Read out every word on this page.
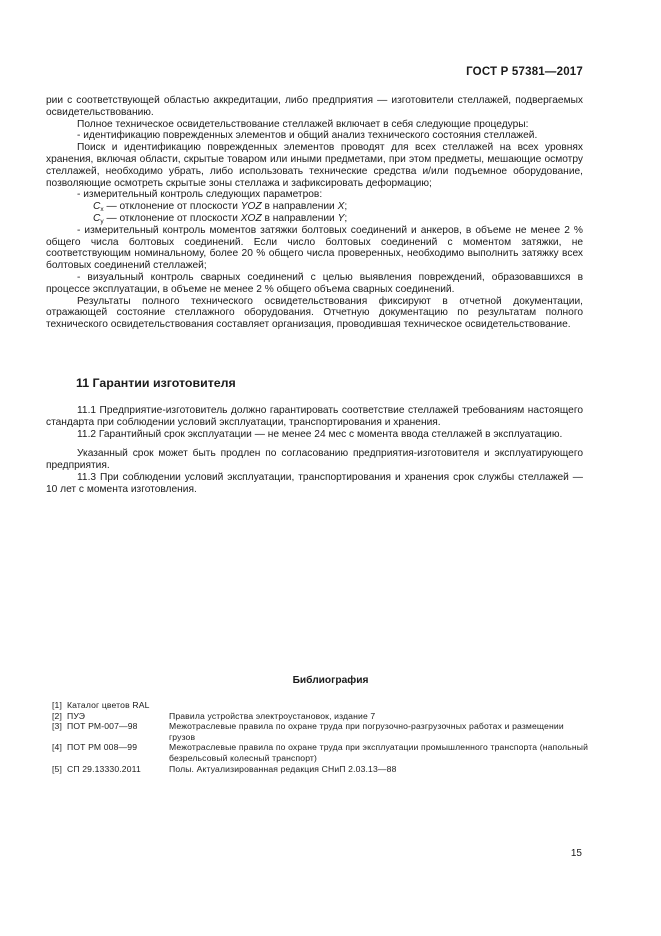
ГОСТ Р 57381—2017

рии с соответствующей областью аккредитации, либо предприятия — изготовители стеллажей, подвергаемых освидетельствованию.

Полное техническое освидетельствование стеллажей включает в себя следующие процедуры:

- идентификацию поврежденных элементов и общий анализ технического состояния стеллажей.

Поиск и идентификацию поврежденных элементов проводят для всех стеллажей на всех уровнях хранения, включая области, скрытые товаром или иными предметами, при этом предметы, мешающие осмотру стеллажей, необходимо убрать, либо использовать технические средства и/или подъемное оборудование, позволяющие осмотреть скрытые зоны стеллажа и зафиксировать деформацию;

- измерительный контроль следующих параметров:

$C_x$ — отклонение от плоскости YOZ в направлении X;

$C_y$ — отклонение от плоскости XOZ в направлении Y;

- измерительный контроль моментов затяжки болтовых соединений и анкеров, в объеме не менее 2 % общего числа болтовых соединений. Если число болтовых соединений с моментом затяжки, не соответствующим номинальному, более 20 % общего числа проверенных, необходимо выполнить затяжку всех болтовых соединений стеллажей;

- визуальный контроль сварных соединений с целью выявления повреждений, образовавшихся в процессе эксплуатации, в объеме не менее 2 % общего объема сварных соединений.

Результаты полного технического освидетельствования фиксируют в отчетной документации, отражающей состояние стеллажного оборудования. Отчетную документацию по результатам полного технического освидетельствования составляет организация, проводившая техническое освидетельствование.

11 Гарантии изготовителя

11.1 Предприятие-изготовитель должно гарантировать соответствие стеллажей требованиям настоящего стандарта при соблюдении условий эксплуатации, транспортирования и хранения.

11.2 Гарантийный срок эксплуатации — не менее 24 мес с момента ввода стеллажей в эксплуатацию.

Указанный срок может быть продлен по согласованию предприятия-изготовителя и эксплуатирующего предприятия.

11.3 При соблюдении условий эксплуатации, транспортирования и хранения срок службы стеллажей — 10 лет с момента изготовления.

Библиография
[1] Каталог цветов RAL
[2] ПУЭ	Правила устройства электроустановок, издание 7
[3] ПОТ РМ-007—98	Межотраслевые правила по охране труда при погрузочно-разгрузочных работах и размещении грузов
[4] ПОТ РМ 008—99	Межотраслевые правила по охране труда при эксплуатации промышленного транспорта (напольный безрельсовый колесный транспорт)
[5] СП 29.13330.2011	Полы. Актуализированная редакция СНиП 2.03.13—88
15
